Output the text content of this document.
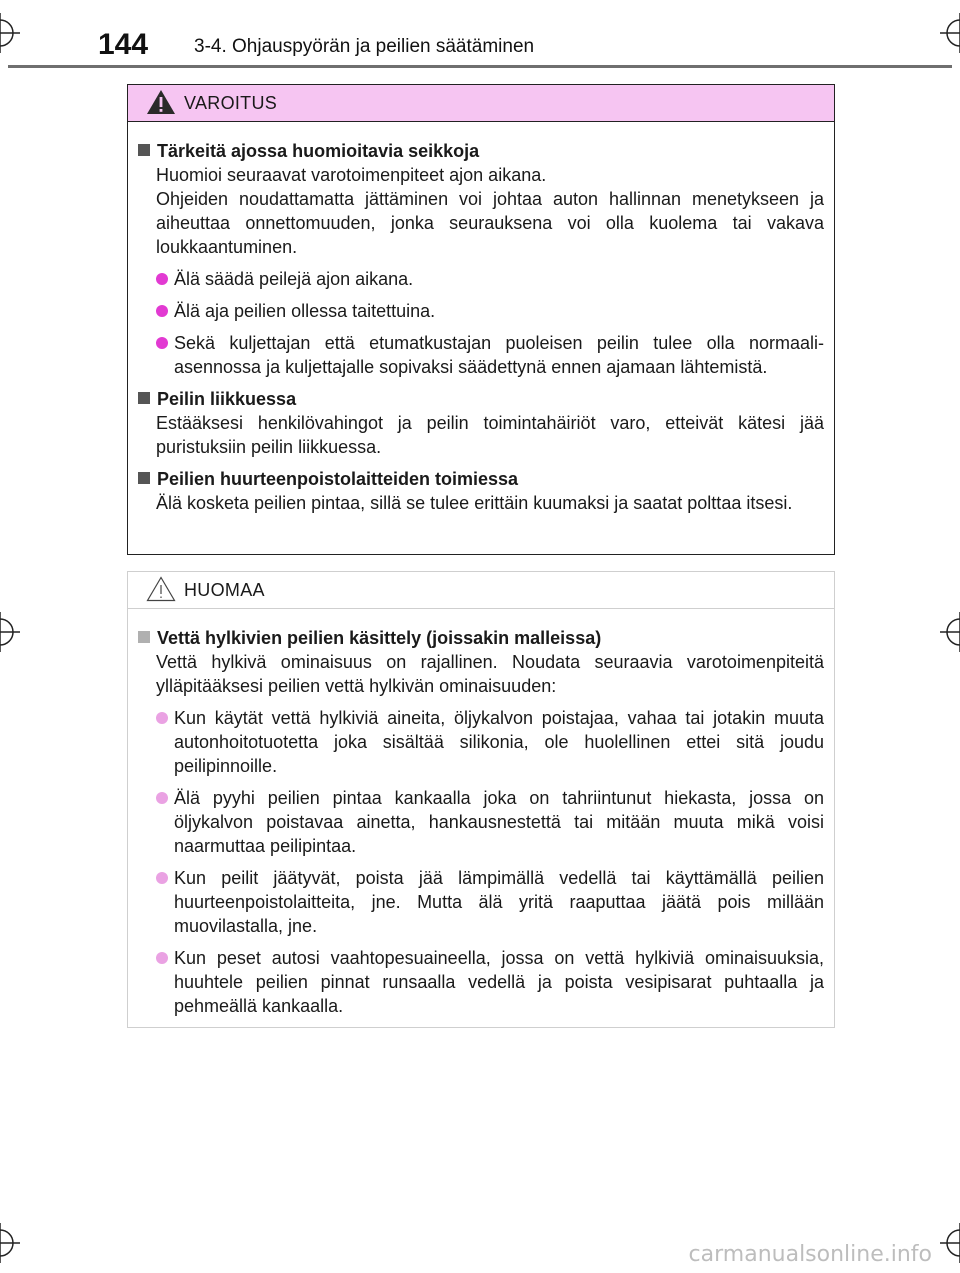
144 3-4. Ohjauspyörän ja peilien säätäminen
VAROITUS
Tärkeitä ajossa huomioitavia seikkoja
Huomioi seuraavat varotoimenpiteet ajon aikana.
Ohjeiden noudattamatta jättäminen voi johtaa auton hallinnan menetykseen ja aiheuttaa onnettomuuden, jonka seurauksena voi olla kuolema tai vakava loukkaantuminen.
Älä säädä peilejä ajon aikana.
Älä aja peilien ollessa taitettuina.
Sekä kuljettajan että etumatkustajan puoleisen peilin tulee olla normaali-asennossa ja kuljettajalle sopivaksi säädettynä ennen ajamaan lähtemistä.
Peilin liikkuessa
Estääksesi henkilövahingot ja peilin toimintahäiriöt varo, etteivät kätesi jää puristuksiin peilin liikkuessa.
Peilien huurteenpoistolaitteiden toimiessa
Älä kosketa peilien pintaa, sillä se tulee erittäin kuumaksi ja saatat polttaa itsesi.
HUOMAA
Vettä hylkivien peilien käsittely (joissakin malleissa)
Vettä hylkivä ominaisuus on rajallinen. Noudata seuraavia varotoimenpiteitä ylläpitääksesi peilien vettä hylkivän ominaisuuden:
Kun käytät vettä hylkiviä aineita, öljykalvon poistajaa, vahaa tai jotakin muuta autonhoitotuotetta joka sisältää silikonia, ole huolellinen ettei sitä joudu peilipinnoille.
Älä pyyhi peilien pintaa kankaalla joka on tahriintunut hiekasta, jossa on öljykalvon poistavaa ainetta, hankausnestettä tai mitään muuta mikä voisi naarmuttaa peilipintaa.
Kun peilit jäätyvät, poista jää lämpimällä vedellä tai käyttämällä peilien huurteenpoistolaitteita, jne. Mutta älä yritä raaputtaa jäätä pois millään muovilastalla, jne.
Kun peset autosi vaahtopesuaineella, jossa on vettä hylkiviä ominaisuuksia, huuhtele peilien pinnat runsaalla vedellä ja poista vesipisarat puhtaalla ja pehmeällä kankaalla.
carmanualsonline.info
